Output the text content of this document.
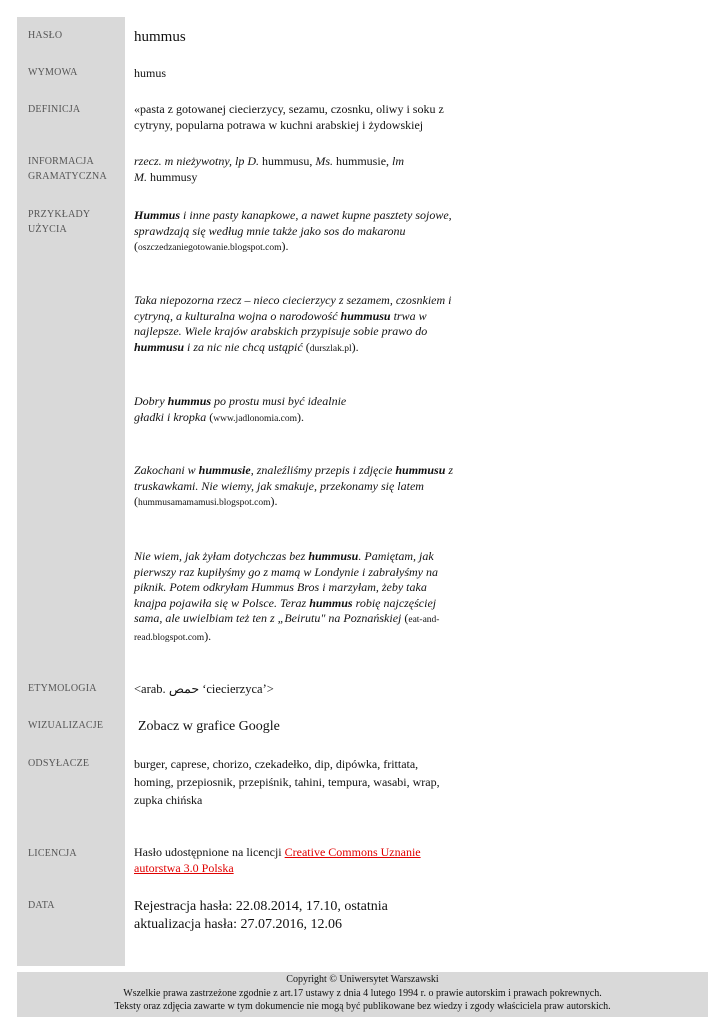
HASŁO
WYMOWA
DEFINICJA
INFORMACJA GRAMATYCZNA
PRZYKŁADY UŻYCIA
ETYMOLOGIA
WIZUALIZACJE
ODSYŁACZE
LICENCJA
DATA
hummus
humus
«pasta z gotowanej ciecierzycy, sezamu, czosnku, oliwy i soku z cytryny, popularna potrawa w kuchni arabskiej i żydowskiej
rzecz. m nieżywotny, lp D. hummusu, Ms. hummusie, lm
M. hummusy
Hummus i inne pasty kanapkowe, a nawet kupne pasztety sojowe, sprawdzają się według mnie także jako sos do makaronu (oszczedzaniegotowanie.blogspot.com).
Taka niepozorna rzecz – nieco ciecierzycy z sezamem, czosnkiem i cytryną, a kulturalna wojna o narodowość hummusu trwa w najlepsze. Wiele krajów arabskich przypisuje sobie prawo do hummusu i za nic nie chcą ustąpić (durszlak.pl).
Dobry hummus po prostu musi być idealnie gładki i kropka (www.jadlonomia.com).
Zakochani w hummusie, znaleźliśmy przepis i zdjęcie hummusu z truskawkami. Nie wiemy, jak smakuje, przekonamy się latem (hummusamamamusi.blogspot.com).
Nie wiem, jak żyłam dotychczas bez hummusu. Pamiętam, jak pierwszy raz kupiłyśmy go z mamą w Londynie i zabrałyśmy na piknik. Potem odkryłam Hummus Bros i marzyłam, żeby taka knajpa pojawiła się w Polsce. Teraz hummus robię najczęściej sama, ale uwielbiam też ten z „Beirutu" na Poznańskiej (eat-and-read.blogspot.com).
<arab. حمص ‘ciecierzyca’>
Zobacz w grafice Google
burger, caprese, chorizo, czekadełko, dip, dipówka, frittata, homing, przepiosnik, przepiśnik, tahini, tempura, wasabi, wrap, zupka chińska
Hasło udostępnione na licencji Creative Commons Uznanie autorstwa 3.0 Polska
Rejestracja hasła: 22.08.2014, 17.10, ostatnia aktualizacja hasła: 27.07.2016, 12.06
Copyright © Uniwersytet Warszawski
Wszelkie prawa zastrzeżone zgodnie z art.17 ustawy z dnia 4 lutego 1994 r. o prawie autorskim i prawach pokrewnych.
Teksty oraz zdjęcia zawarte w tym dokumencie nie mogą być publikowane bez wiedzy i zgody właściciela praw autorskich.
